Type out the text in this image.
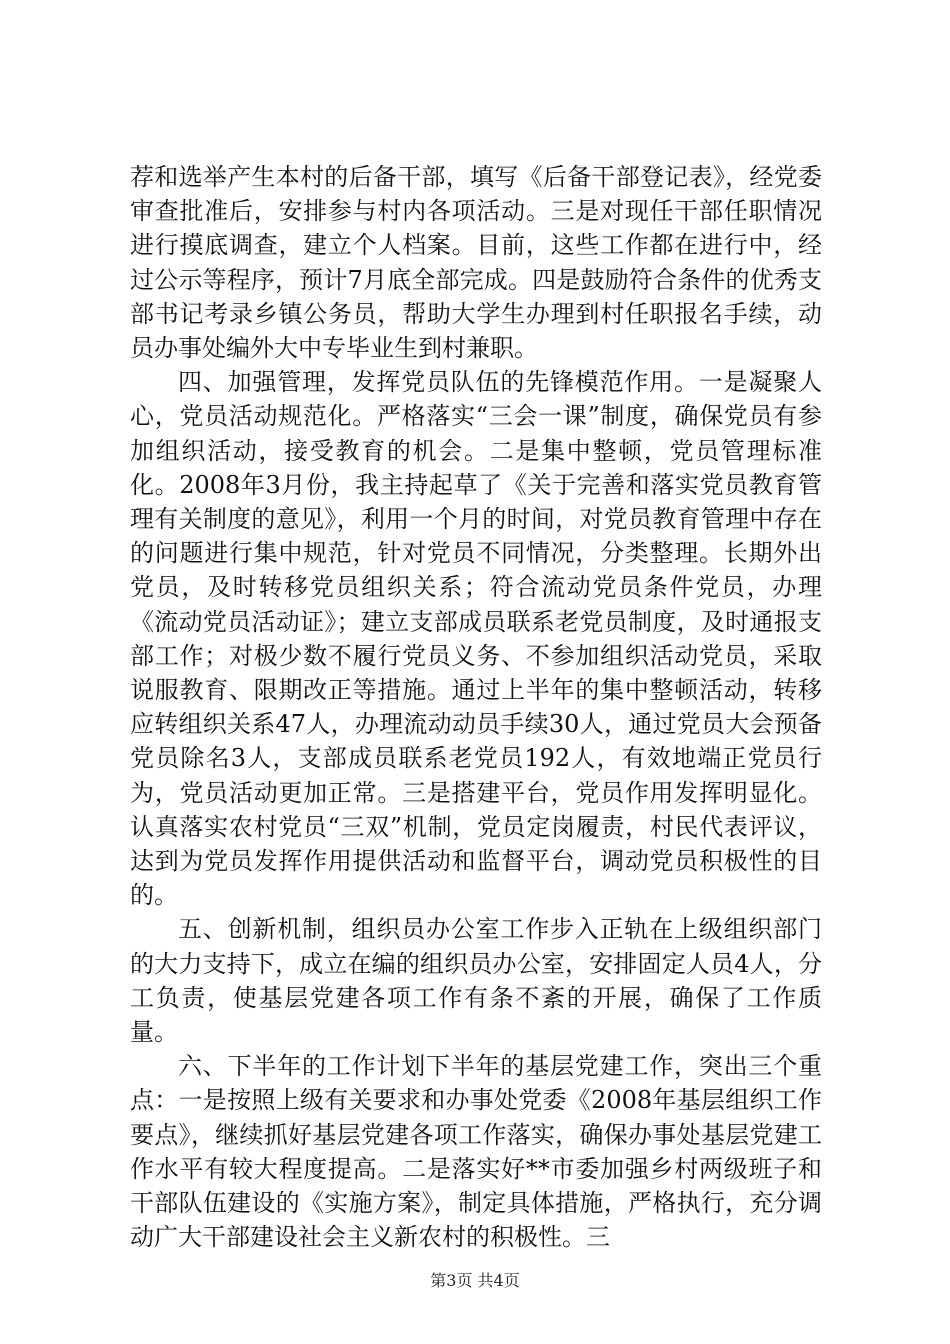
荐和选举产生本村的后备干部，填写《后备干部登记表》，经党委审查批准后，安排参与村内各项活动。三是对现任干部任职情况进行摸底调查，建立个人档案。目前，这些工作都在进行中，经过公示等程序，预计7月底全部完成。四是鼓励符合条件的优秀支部书记考录乡镇公务员，帮助大学生办理到村任职报名手续，动员办事处编外大中专毕业生到村兼职。

四、加强管理，发挥党员队伍的先锋模范作用。一是凝聚人心，党员活动规范化。严格落实“三会一课”制度，确保党员有参加组织活动，接受教育的机会。二是集中整顿，党员管理标准化。2008年3月份，我主持起草了《关于完善和落实党员教育管理有关制度的意见》，利用一个月的时间，对党员教育管理中存在的问题进行集中规范，针对党员不同情况，分类整理。长期外出党员，及时转移党员组织关系；符合流动党员条件党员，办理《流动党员活动证》；建立支部成员联系老党员制度，及时通报支部工作；对极少数不履行党员义务、不参加组织活动党员，采取说服教育、限期改正等措施。通过上半年的集中整顿活动，转移应转组织关系47人，办理流动动员手续30人，通过党员大会预备党员除名3人，支部成员联系老党员192人，有效地端正党员行为，党员活动更加正常。三是搭建平台，党员作用发挥明显化。认真落实农村党员“三双”机制，党员定岗履责，村民代表评议，达到为党员发挥作用提供活动和监督平台，调动党员积极性的目的。

五、创新机制，组织员办公室工作步入正轨在上级组织部门的大力支持下，成立在编的组织员办公室，安排固定人员4人，分工负责，使基层党建各项工作有条不紊的开展，确保了工作质量。

六、下半年的工作计划下半年的基层党建工作，突出三个重点：一是按照上级有关要求和办事处党委《2008年基层组织工作要点》，继续抓好基层党建各项工作落实，确保办事处基层党建工作水平有较大程度提高。二是落实好**市委加强乡村两级班子和干部队伍建设的《实施方案》，制定具体措施，严格执行，充分调动广大干部建设社会主义新农村的积极性。三

第3页 共4页
